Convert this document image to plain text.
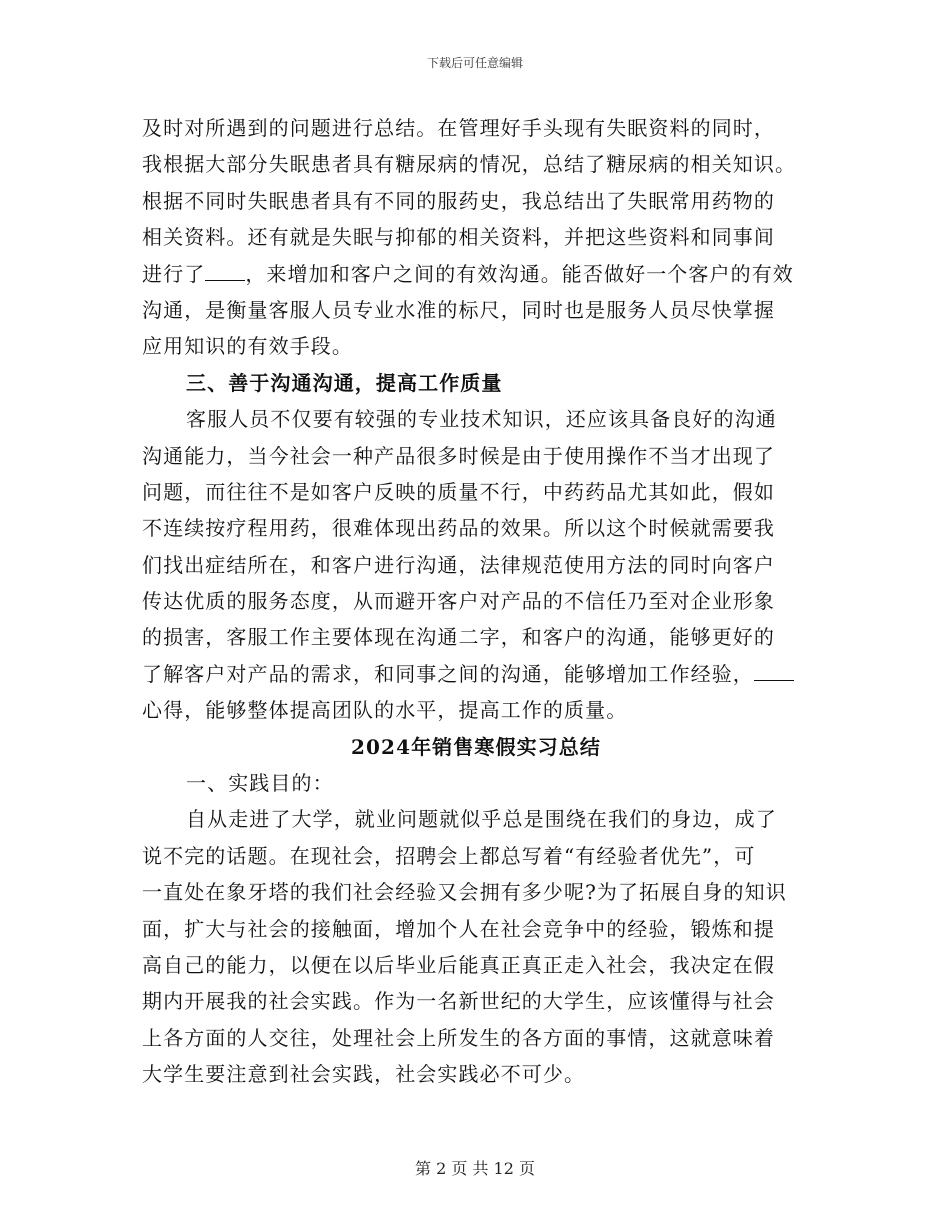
下载后可任意编辑
及时对所遇到的问题进行总结。在管理好手头现有失眠资料的同时，
我根据大部分失眠患者具有糖尿病的情况，总结了糖尿病的相关知识。
根据不同时失眠患者具有不同的服药史，我总结出了失眠常用药物的
相关资料。还有就是失眠与抑郁的相关资料，并把这些资料和同事间
进行了 ，来增加和客户之间的有效沟通。能否做好一个客户的有效
沟通，是衡量客服人员专业水准的标尺，同时也是服务人员尽快掌握
应用知识的有效手段。
三、善于沟通沟通，提高工作质量
客服人员不仅要有较强的专业技术知识，还应该具备良好的沟通
沟通能力，当今社会一种产品很多时候是由于使用操作不当才出现了
问题，而往往不是如客户反映的质量不行，中药药品尤其如此，假如
不连续按疗程用药，很难体现出药品的效果。所以这个时候就需要我
们找出症结所在，和客户进行沟通，法律规范使用方法的同时向客户
传达优质的服务态度，从而避开客户对产品的不信任乃至对企业形象
的损害，客服工作主要体现在沟通二字，和客户的沟通，能够更好的
了解客户对产品的需求，和同事之间的沟通，能够增加工作经验，
心得，能够整体提高团队的水平，提高工作的质量。
2024年销售寒假实习总结
一、实践目的：
自从走进了大学，就业问题就似乎总是围绕在我们的身边，成了
说不完的话题。在现社会，招聘会上都总写着“有经验者优先”，可
一直处在象牙塔的我们社会经验又会拥有多少呢?为了拓展自身的知识
面，扩大与社会的接触面，增加个人在社会竞争中的经验，锻炼和提
高自己的能力，以便在以后毕业后能真正真正走入社会，我决定在假
期内开展我的社会实践。作为一名新世纪的大学生，应该懂得与社会
上各方面的人交往，处理社会上所发生的各方面的事情，这就意味着
大学生要注意到社会实践，社会实践必不可少。
第 2 页 共 12 页
